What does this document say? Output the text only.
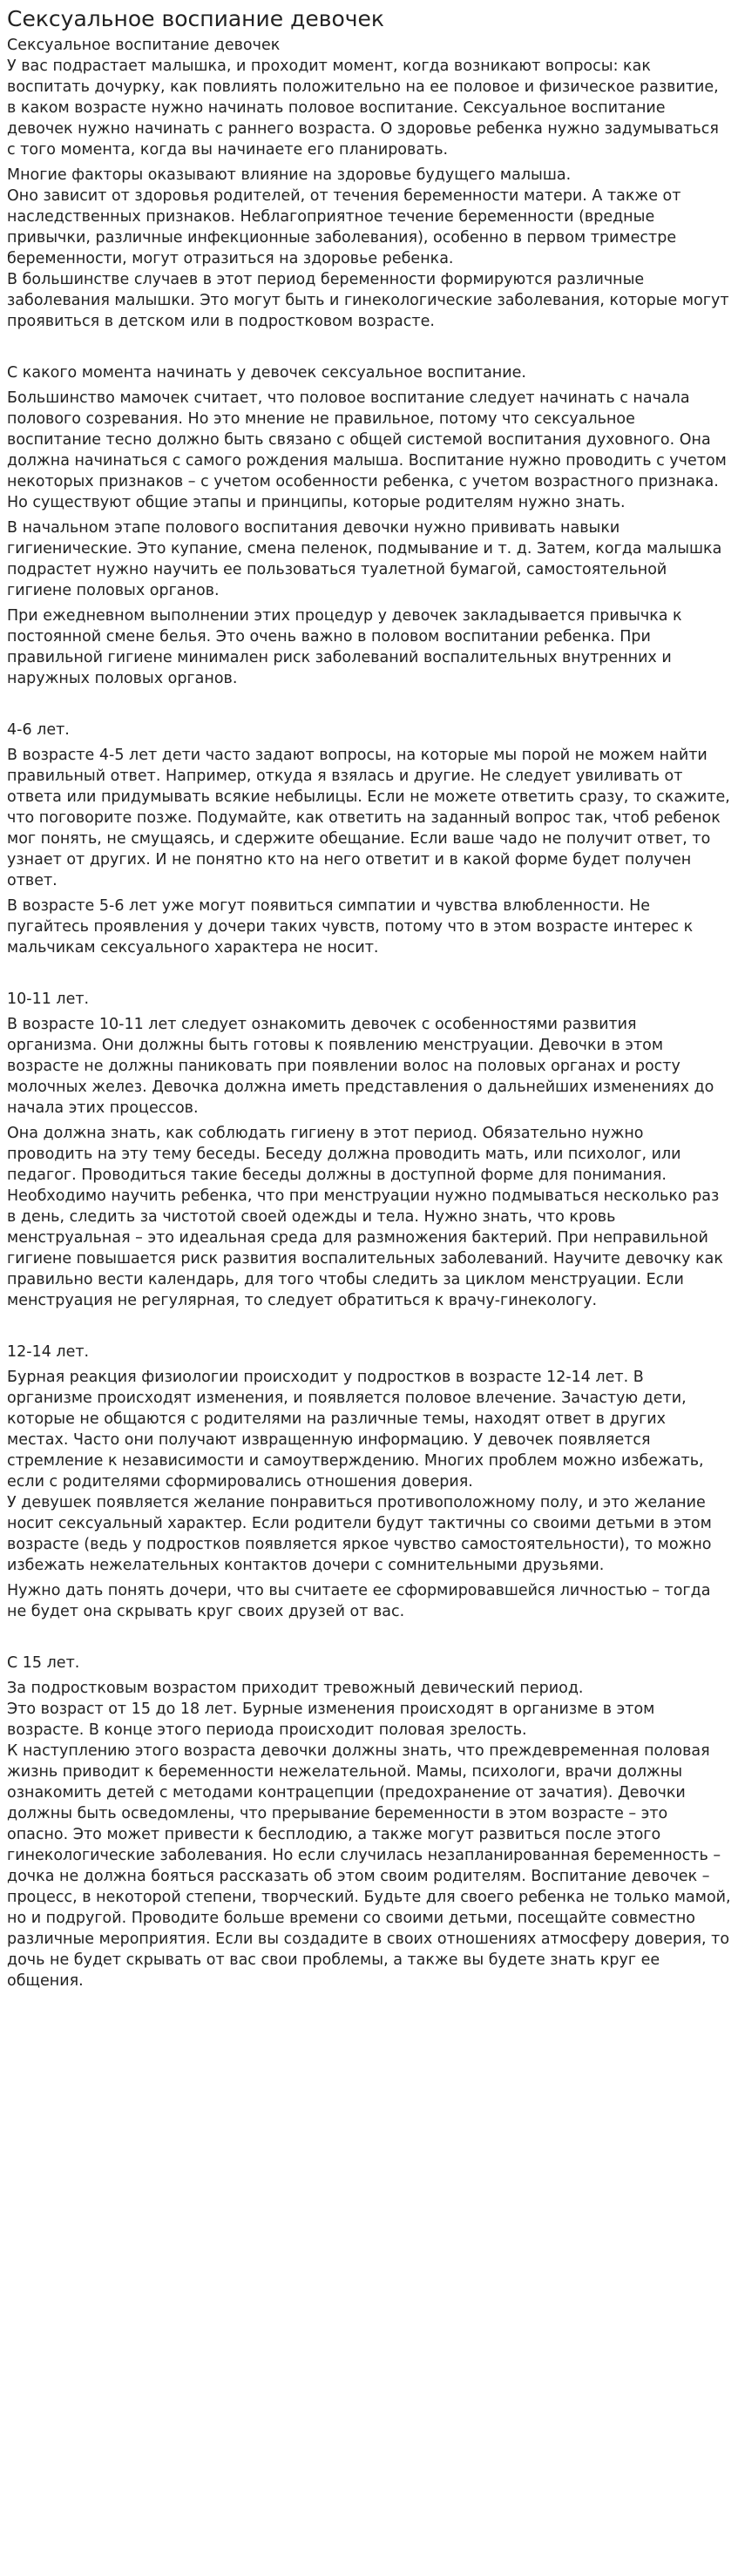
Сексуальное воспиание девочек

Сексуальное воспитание девочек
У вас подрастает малышка, и проходит момент, когда возникают вопросы: как воспитать дочурку, как повлиять положительно на ее половое и физическое развитие, в каком возрасте нужно начинать половое воспитание. Сексуальное воспитание девочек нужно начинать с раннего возраста. О здоровье ребенка нужно задумываться с того момента, когда вы начинаете его планировать.

Многие факторы оказывают влияние на здоровье будущего малыша.
Оно зависит от здоровья родителей, от течения беременности матери. А также от наследственных признаков. Неблагоприятное течение беременности (вредные привычки, различные инфекционные заболевания), особенно в первом триместре беременности, могут отразиться на здоровье ребенка.
В большинстве случаев в этот период беременности формируются различные заболевания малышки. Это могут быть и гинекологические заболевания, которые могут проявиться в детском или в подростковом возрасте.

С какого момента начинать у девочек сексуальное воспитание.

Большинство мамочек считает, что половое воспитание следует начинать с начала полового созревания. Но это мнение не правильное, потому что сексуальное воспитание тесно должно быть связано с общей системой воспитания духовного. Она должна начинаться с самого рождения малыша. Воспитание нужно проводить с учетом некоторых признаков – с учетом особенности ребенка, с учетом возрастного признака. Но существуют общие этапы и принципы, которые родителям нужно знать.

В начальном этапе полового воспитания девочки нужно прививать навыки гигиенические. Это купание, смена пеленок, подмывание и т. д. Затем, когда малышка подрастет нужно научить ее пользоваться туалетной бумагой, самостоятельной гигиене половых органов.

При ежедневном выполнении этих процедур у девочек закладывается привычка к постоянной смене белья. Это очень важно в половом воспитании ребенка. При правильной гигиене минимален риск заболеваний воспалительных внутренних и наружных половых органов.

4-6 лет.

В возрасте 4-5 лет дети часто задают вопросы, на которые мы порой не можем найти правильный ответ. Например, откуда я взялась и другие. Не следует увиливать от ответа или придумывать всякие небылицы. Если не можете ответить сразу, то скажите, что поговорите позже. Подумайте, как ответить на заданный вопрос так, чтоб ребенок мог понять, не смущаясь, и сдержите обещание. Если ваше чадо не получит ответ, то узнает от других. И не понятно кто на него ответит и в какой форме будет получен ответ.

В возрасте 5-6 лет уже могут появиться симпатии и чувства влюбленности. Не пугайтесь проявления у дочери таких чувств, потому что в этом возрасте интерес к мальчикам сексуального характера не носит.

10-11 лет.

В возрасте 10-11 лет следует ознакомить девочек с особенностями развития организма. Они должны быть готовы к появлению менструации. Девочки в этом возрасте не должны паниковать при появлении волос на половых органах и росту молочных желез. Девочка должна иметь представления о дальнейших изменениях до начала этих процессов.

Она должна знать, как соблюдать гигиену в этот период. Обязательно нужно проводить на эту тему беседы. Беседу должна проводить мать, или психолог, или педагог. Проводиться такие беседы должны в доступной форме для понимания. Необходимо научить ребенка, что при менструации нужно подмываться несколько раз в день, следить за чистотой своей одежды и тела. Нужно знать, что кровь менструальная – это идеальная среда для размножения бактерий. При неправильной гигиене повышается риск развития воспалительных заболеваний. Научите девочку как правильно вести календарь, для того чтобы следить за циклом менструации. Если менструация не регулярная, то следует обратиться к врачу-гинекологу.

12-14 лет.

Бурная реакция физиологии происходит у подростков в возрасте 12-14 лет. В организме происходят изменения, и появляется половое влечение. Зачастую дети, которые не общаются с родителями на различные темы, находят ответ в других местах. Часто они получают извращенную информацию. У девочек появляется стремление к независимости и самоутверждению. Многих проблем можно избежать, если с родителями сформировались отношения доверия.
У девушек появляется желание понравиться противоположному полу, и это желание носит сексуальный характер. Если родители будут тактичны со своими детьми в этом возрасте (ведь у подростков появляется яркое чувство самостоятельности), то можно избежать нежелательных контактов дочери с сомнительными друзьями.

Нужно дать понять дочери, что вы считаете ее сформировавшейся личностью – тогда не будет она скрывать круг своих друзей от вас.

С 15 лет.

За подростковым возрастом приходит тревожный девический период.
Это возраст от 15 до 18 лет. Бурные изменения происходят в организме в этом возрасте. В конце этого периода происходит половая зрелость.
К наступлению этого возраста девочки должны знать, что преждевременная половая жизнь приводит к беременности нежелательной. Мамы, психологи, врачи должны ознакомить детей с методами контрацепции (предохранение от зачатия). Девочки должны быть осведомлены, что прерывание беременности в этом возрасте – это опасно. Это может привести к бесплодию, а также могут развиться после этого гинекологические заболевания. Но если случилась незапланированная беременность – дочка не должна бояться рассказать об этом своим родителям. Воспитание девочек – процесс, в некоторой степени, творческий. Будьте для своего ребенка не только мамой, но и подругой. Проводите больше времени со своими детьми, посещайте совместно различные мероприятия. Если вы создадите в своих отношениях атмосферу доверия, то дочь не будет скрывать от вас свои проблемы, а также вы будете знать круг ее общения.
